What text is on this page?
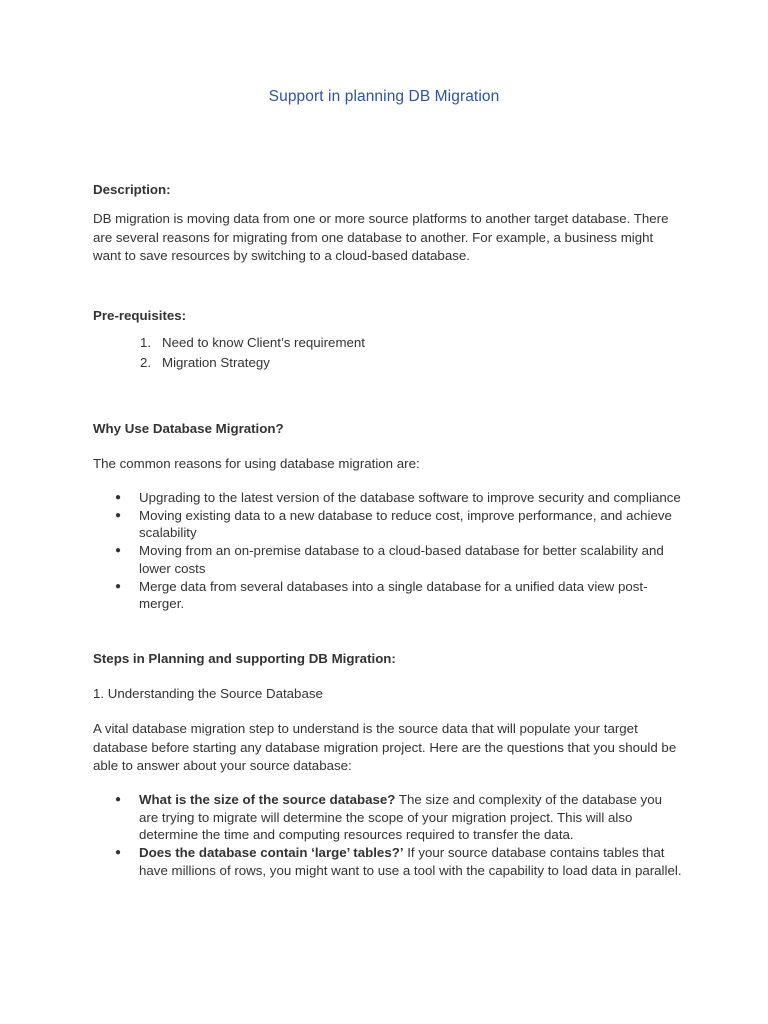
Support in planning DB Migration
Description:
DB migration is moving data from one or more source platforms to another target database. There are several reasons for migrating from one database to another. For example, a business might want to save resources by switching to a cloud-based database.
Pre-requisites:
1. Need to know Client’s requirement
2. Migration Strategy
Why Use Database Migration?
The common reasons for using database migration are:
● Upgrading to the latest version of the database software to improve security and compliance
● Moving existing data to a new database to reduce cost, improve performance, and achieve scalability
● Moving from an on-premise database to a cloud-based database for better scalability and lower costs
● Merge data from several databases into a single database for a unified data view post-merger.
Steps in Planning and supporting DB Migration:
1. Understanding the Source Database
A vital database migration step to understand is the source data that will populate your target database before starting any database migration project. Here are the questions that you should be able to answer about your source database:
● What is the size of the source database? The size and complexity of the database you are trying to migrate will determine the scope of your migration project. This will also determine the time and computing resources required to transfer the data.
● Does the database contain ‘large’ tables?’ If your source database contains tables that have millions of rows, you might want to use a tool with the capability to load data in parallel.
